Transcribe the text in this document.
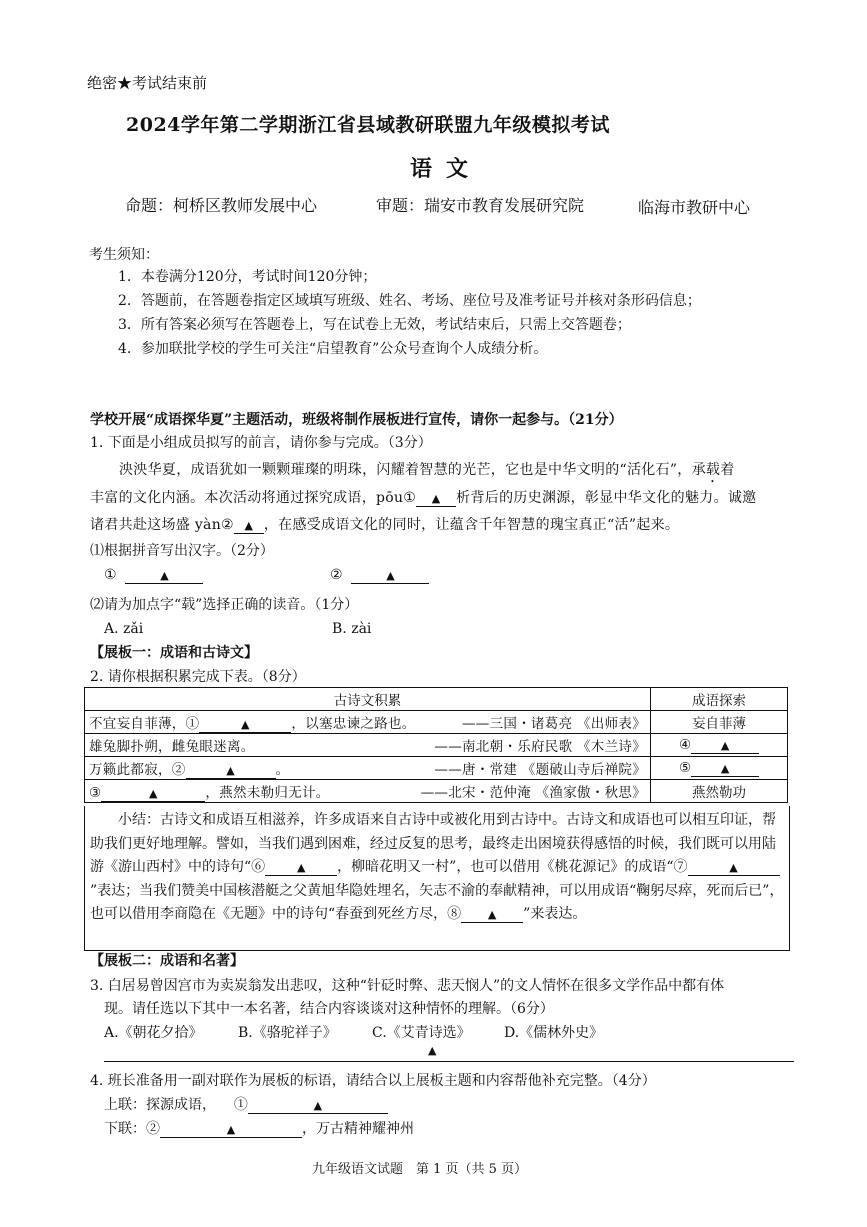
绝密★考试结束前
2024学年第二学期浙江省县域教研联盟九年级模拟考试
语文
命题：柯桥区教师发展中心	审题：瑞安市教育发展研究院	临海市教研中心
考生须知：
1．本卷满分120分，考试时间120分钟；
2．答题前，在答题卷指定区域填写班级、姓名、考场、座位号及准考证号并核对条形码信息；
3．所有答案必须写在答题卷上，写在试卷上无效，考试结束后，只需上交答题卷；
4．参加联批学校的学生可关注“启望教育”公众号查询个人成绩分析。
学校开展“成语探华夏”主题活动，班级将制作展板进行宣传，请你一起参与。（21分）
1. 下面是小组成员拟写的前言，请你参与完成。（3分）
泱泱华夏，成语犹如一颗颗璀璨的明珠，闪耀着智慧的光芒，它也是中华文明的“活化石”，承载着
丰富的文化内涵。本次活动将通过探究成语，pōu① ▲ 析背后的历史渊源，彰显中华文化的魅力。诚邀
诸君共赴这场盛 yàn② ▲ ，在感受成语文化的同时，让蕴含千年智慧的瑰宝真正“活”起来。
⑴根据拼音写出汉字。（2分）
①	▲	②	▲
⑵请为加点字“载”选择正确的读音。（1分）
A. zǎi	B. zài
【展板一：成语和古诗文】
2. 请你根据积累完成下表。（8分）
古诗文积累	成语探索

不宜妄自菲薄，① ▲ ，以塞忠谏之路也。 ——三国・诸葛亮 《出师表》	妄自菲薄

雄兔脚扑朔，雌兔眼迷离。 ——南北朝・乐府民歌 《木兰诗》	④ ▲

万籁此都寂，② ▲ 。 ——唐・常建 《题破山寺后禅院》	⑤ ▲

③ ▲ ，燕然未勒归无计。 ——北宋・范仲淹 《渔家傲・秋思》	燕然勒功
小结：古诗文和成语互相滋养，许多成语来自古诗中或被化用到古诗中。古诗文和成语也可以相互印证，帮助我们更好地理解。譬如，当我们遇到困难，经过反复的思考，最终走出困境获得感悟的时候，我们既可以用陆游《游山西村》中的诗句“⑥	▲ ，柳暗花明又一村”，也可以借用《桃花源记》的成语“⑦	▲”表达；当我们赞美中国核潜艇之父黄旭华隐姓埋名，矢志不渝的奉献精神，可以用成语“鞠躬尽瘁，死而后已”，也可以借用李商隐在《无题》中的诗句“春蚕到死丝方尽，⑧ ▲ ”来表达。
【展板二：成语和名著】
3. 白居易曾因宫市为卖炭翁发出悲叹，这种“针砭时弊、悲天悯人”的文人情怀在很多文学作品中都有体
现。请任选以下其中一本名著，结合内容谈谈对这种情怀的理解。（6分）
A.《朝花夕拾》	B.《骆驼祥子》	C.《艾青诗选》 D.《儒林外史》
▲
4. 班长准备用一副对联作为展板的标语，请结合以上展板主题和内容帮他补充完整。（4分）
上联：探源成语， ①	▲
下联：②	▲	，万古精神耀神州
九年级语文试题　第 1 页（共 5 页）
